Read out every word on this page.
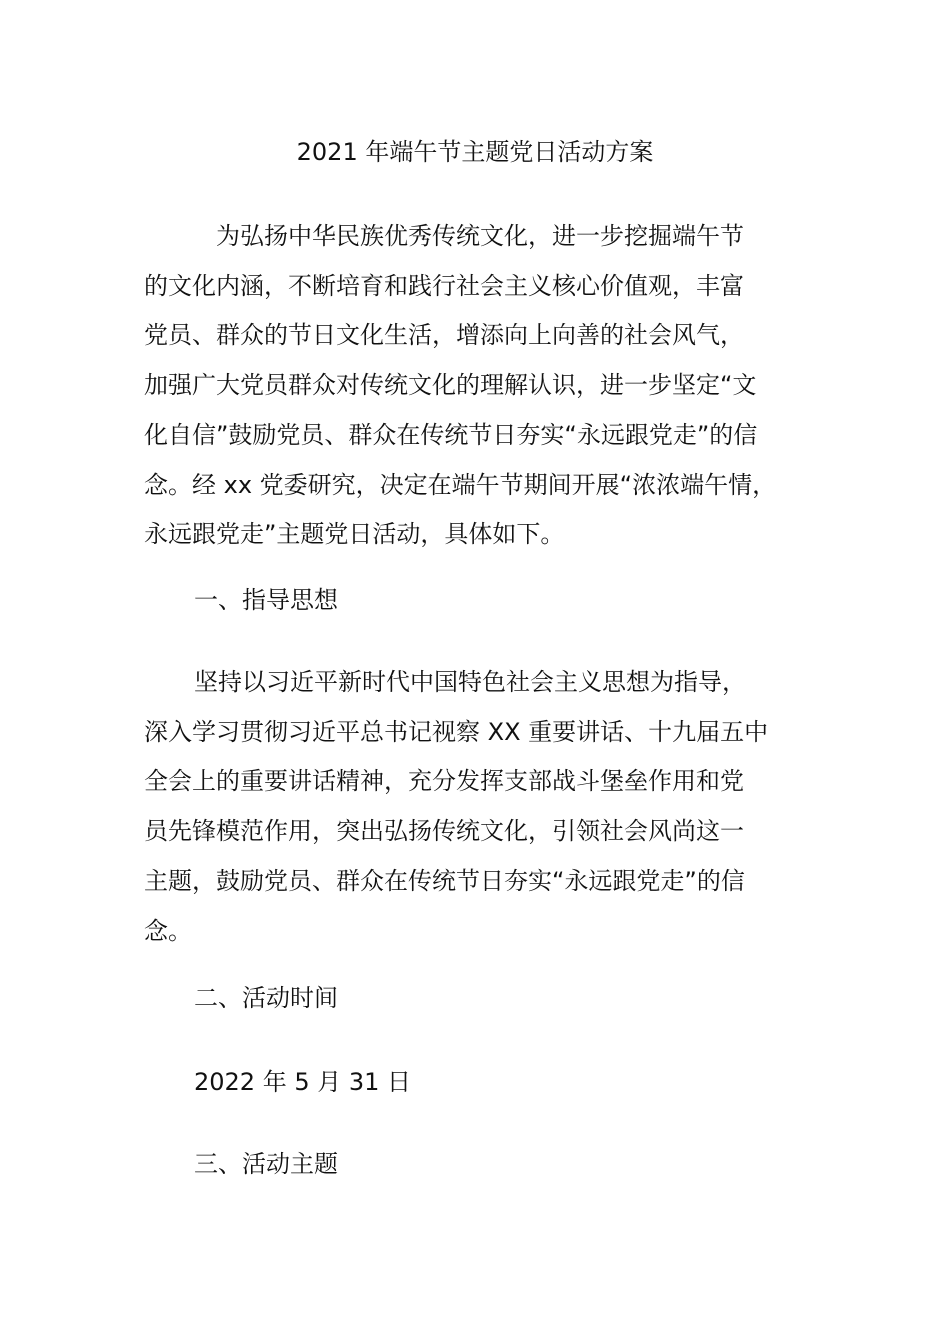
2021 年端午节主题党日活动方案
为弘扬中华民族优秀传统文化，进一步挖掘端午节
的文化内涵，不断培育和践行社会主义核心价值观，丰富
党员、群众的节日文化生活，增添向上向善的社会风气，
加强广大党员群众对传统文化的理解认识，进一步坚定“文
化自信”鼓励党员、群众在传统节日夯实“永远跟党走”的信
念。经 xx 党委研究，决定在端午节期间开展“浓浓端午情，
永远跟党走”主题党日活动，具体如下。
一、指导思想
坚持以习近平新时代中国特色社会主义思想为指导，
深入学习贯彻习近平总书记视察 XX 重要讲话、十九届五中
全会上的重要讲话精神，充分发挥支部战斗堡垒作用和党
员先锋模范作用，突出弘扬传统文化，引领社会风尚这一
主题，鼓励党员、群众在传统节日夯实“永远跟党走”的信
念。
二、活动时间
2022 年 5 月 31 日
三、活动主题
